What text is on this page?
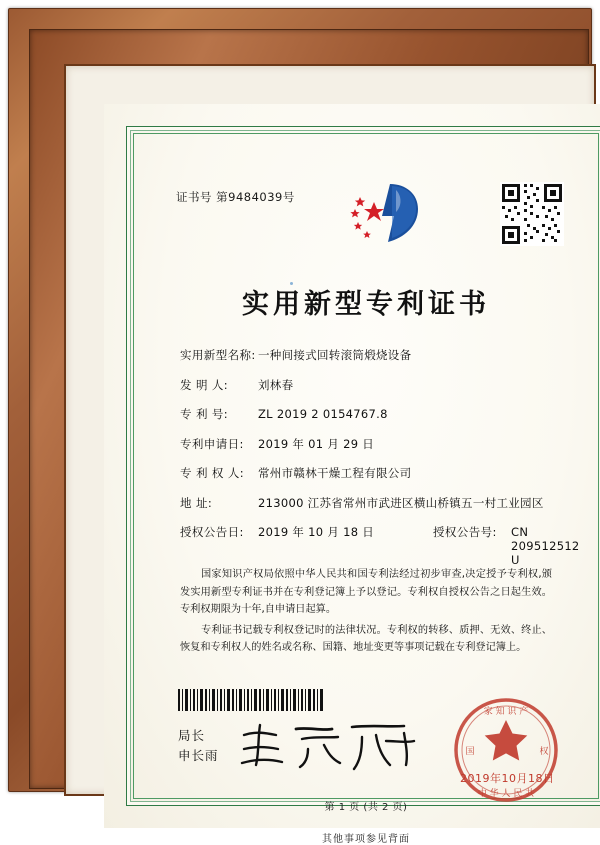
证书号 第9484039号
实用新型专利证书
实用新型名称: 一种间接式回转滚筒煅烧设备
发 明 人:	刘林春
专 利 号:	ZL 2019 2 0154767.8
专利申请日:	2019 年 01 月 29 日
专 利 权 人:	常州市赣林干燥工程有限公司
地 址:	213000 江苏省常州市武进区横山桥镇五一村工业园区
授权公告日:	2019 年 10 月 18 日	授权公告号:	CN 209512512 U

国家知识产权局依照中华人民共和国专利法经过初步审查,决定授予专利权,颁发实用新型专利证书并在专利登记簿上予以登记。专利权自授权公告之日起生效。专利权期限为十年,自申请日起算。

专利证书记载专利权登记时的法律状况。专利权的转移、质押、无效、终止、恢复和专利权人的姓名或名称、国籍、地址变更等事项记载在专利登记簿上。

局长
申长雨
家 知 识 产
国	权
中 华 人 民 共
2019年10月18日
第 1 页 (共 2 页)
其他事项参见背面
